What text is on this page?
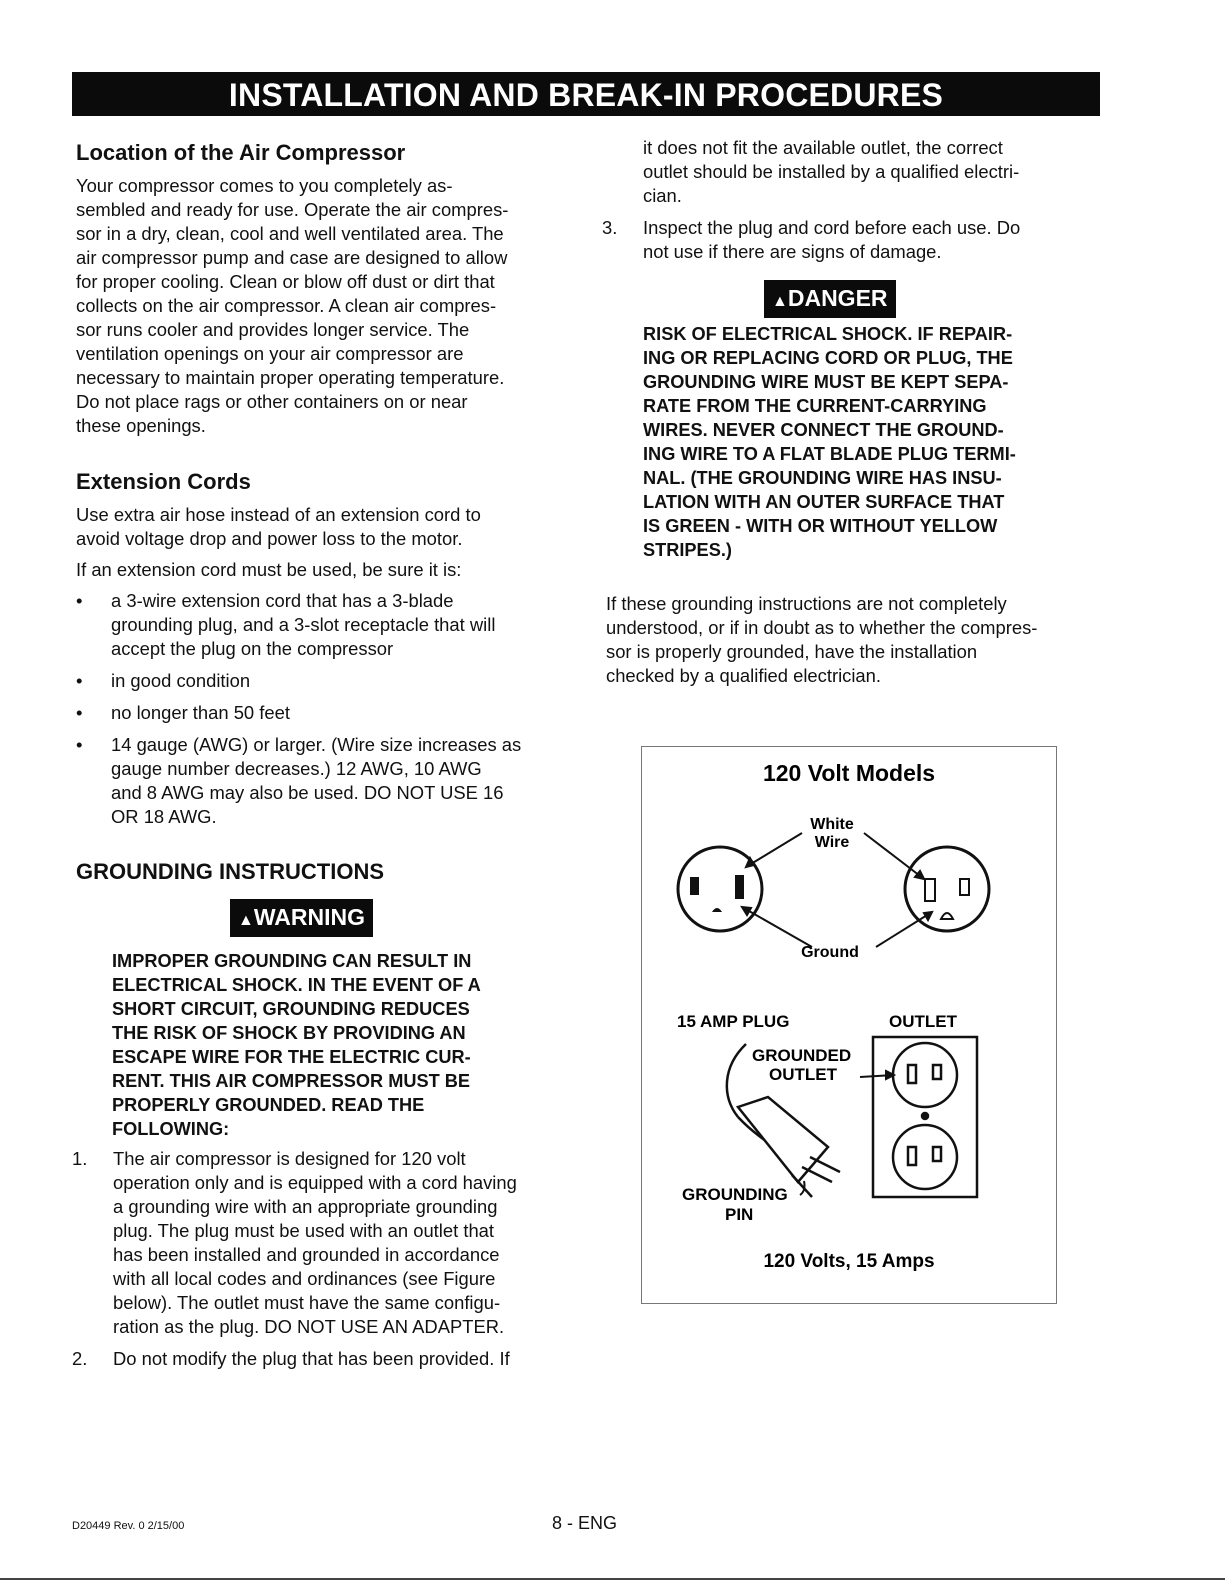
INSTALLATION AND BREAK-IN PROCEDURES
Location of the Air Compressor

Your compressor comes to you completely as-
sembled and ready for use. Operate the air compres-
sor in a dry, clean, cool and well ventilated area. The
air compressor pump and case are designed to allow
for proper cooling. Clean or blow off dust or dirt that
collects on the air compressor. A clean air compres-
sor runs cooler and provides longer service. The
ventilation openings on your air compressor are
necessary to maintain proper operating temperature.
Do not place rags or other containers on or near
these openings.

Extension Cords

Use extra air hose instead of an extension cord to
avoid voltage drop and power loss to the motor.

If an extension cord must be used, be sure it is:

• a 3-wire extension cord that has a 3-blade
grounding plug, and a 3-slot receptacle that will
accept the plug on the compressor
• in good condition
• no longer than 50 feet
• 14 gauge (AWG) or larger. (Wire size increases as
gauge number decreases.) 12 AWG, 10 AWG
and 8 AWG may also be used. DO NOT USE 16
OR 18 AWG.
GROUNDING INSTRUCTIONS
▲WARNING
IMPROPER GROUNDING CAN RESULT IN
ELECTRICAL SHOCK. IN THE EVENT OF A
SHORT CIRCUIT, GROUNDING REDUCES
THE RISK OF SHOCK BY PROVIDING AN
ESCAPE WIRE FOR THE ELECTRIC CUR-
RENT. THIS AIR COMPRESSOR MUST BE
PROPERLY GROUNDED. READ THE
FOLLOWING:
1. The air compressor is designed for 120 volt
operation only and is equipped with a cord having
a grounding wire with an appropriate grounding
plug. The plug must be used with an outlet that
has been installed and grounded in accordance
with all local codes and ordinances (see Figure
below). The outlet must have the same configu-
ration as the plug. DO NOT USE AN ADAPTER.
2. Do not modify the plug that has been provided. If

it does not fit the available outlet, the correct
outlet should be installed by a qualified electri-
cian.

3. Inspect the plug and cord before each use. Do
not use if there are signs of damage.
▲DANGER
RISK OF ELECTRICAL SHOCK. IF REPAIR-
ING OR REPLACING CORD OR PLUG, THE
GROUNDING WIRE MUST BE KEPT SEPA-
RATE FROM THE CURRENT-CARRYING
WIRES. NEVER CONNECT THE GROUND-
ING WIRE TO A FLAT BLADE PLUG TERMI-
NAL. (THE GROUNDING WIRE HAS INSU-
LATION WITH AN OUTER SURFACE THAT
IS GREEN - WITH OR WITHOUT YELLOW
STRIPES.)

If these grounding instructions are not completely
understood, or if in doubt as to whether the compres-
sor is properly grounded, have the installation
checked by a qualified electrician.

120 Volt Models
White
Wire
Ground
15 AMP PLUG	OUTLET
GROUNDED
OUTLET
GROUNDING
PIN
120 Volts, 15 Amps
D20449 Rev. 0 2/15/00	8 - ENG
